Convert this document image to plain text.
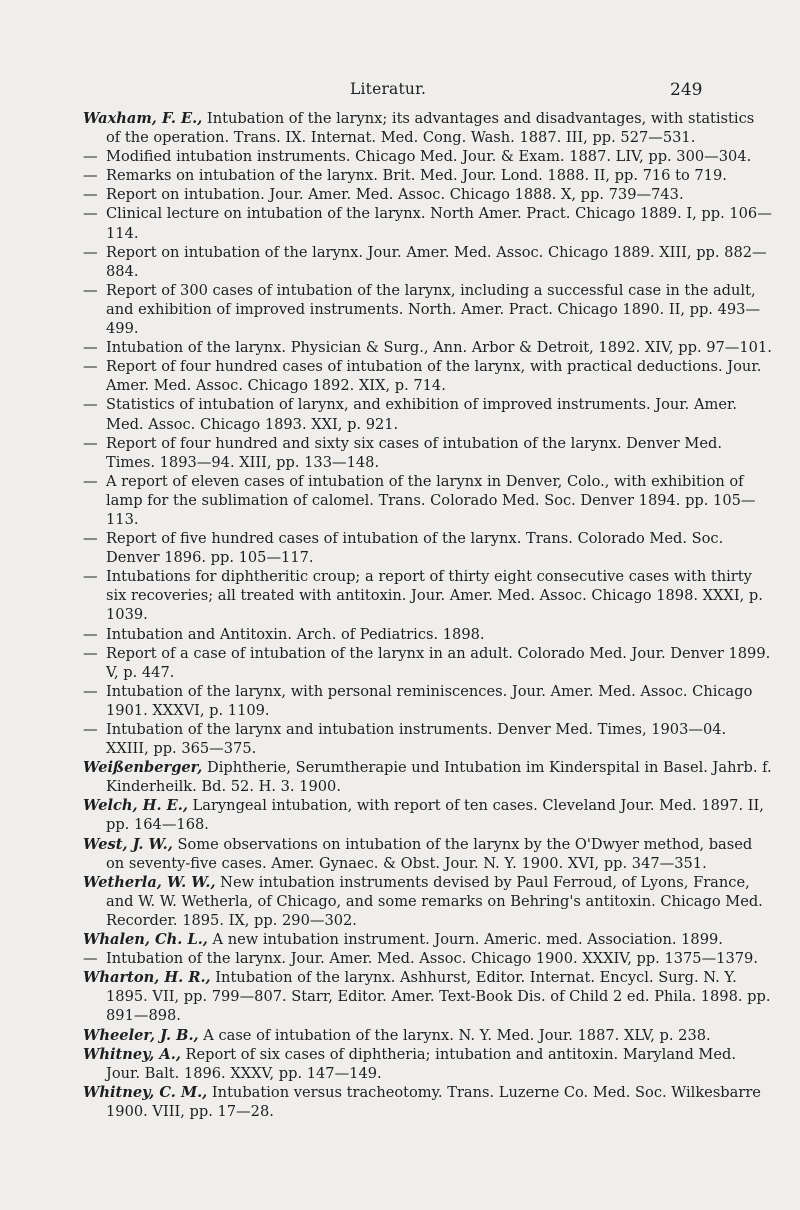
Literatur.	249

Waxham, F. E., Intubation of the larynx; its advantages and disadvantages, with statistics of the operation. Trans. IX. Internat. Med. Cong. Wash. 1887. III, pp. 527—531.

— Modified intubation instruments. Chicago Med. Jour. & Exam. 1887. LIV, pp. 300—304.

— Remarks on intubation of the larynx. Brit. Med. Jour. Lond. 1888. II, pp. 716 to 719.

— Report on intubation. Jour. Amer. Med. Assoc. Chicago 1888. X, pp. 739—743.

— Clinical lecture on intubation of the larynx. North Amer. Pract. Chicago 1889. I, pp. 106—114.

— Report on intubation of the larynx. Jour. Amer. Med. Assoc. Chicago 1889. XIII, pp. 882—884.

— Report of 300 cases of intubation of the larynx, including a successful case in the adult, and exhibition of improved instruments. North. Amer. Pract. Chicago 1890. II, pp. 493—499.

— Intubation of the larynx. Physician & Surg., Ann. Arbor & Detroit, 1892. XIV, pp. 97—101.

— Report of four hundred cases of intubation of the larynx, with practical deductions. Jour. Amer. Med. Assoc. Chicago 1892. XIX, p. 714.

— Statistics of intubation of larynx, and exhibition of improved instruments. Jour. Amer. Med. Assoc. Chicago 1893. XXI, p. 921.

— Report of four hundred and sixty six cases of intubation of the larynx. Denver Med. Times. 1893—94. XIII, pp. 133—148.

— A report of eleven cases of intubation of the larynx in Denver, Colo., with exhibition of lamp for the sublimation of calomel. Trans. Colorado Med. Soc. Denver 1894. pp. 105—113.

— Report of five hundred cases of intubation of the larynx. Trans. Colorado Med. Soc. Denver 1896. pp. 105—117.

— Intubations for diphtheritic croup; a report of thirty eight consecutive cases with thirty six recoveries; all treated with antitoxin. Jour. Amer. Med. Assoc. Chicago 1898. XXXI, p. 1039.

— Intubation and Antitoxin. Arch. of Pediatrics. 1898.

— Report of a case of intubation of the larynx in an adult. Colorado Med. Jour. Denver 1899. V, p. 447.

— Intubation of the larynx, with personal reminiscences. Jour. Amer. Med. Assoc. Chicago 1901. XXXVI, p. 1109.

— Intubation of the larynx and intubation instruments. Denver Med. Times, 1903—04. XXIII, pp. 365—375.

Weißenberger, Diphtherie, Serumtherapie und Intubation im Kinderspital in Basel. Jahrb. f. Kinderheilk. Bd. 52. H. 3. 1900.

Welch, H. E., Laryngeal intubation, with report of ten cases. Cleveland Jour. Med. 1897. II, pp. 164—168.

West, J. W., Some observations on intubation of the larynx by the O'Dwyer method, based on seventy-five cases. Amer. Gynaec. & Obst. Jour. N. Y. 1900. XVI, pp. 347—351.

Wetherla, W. W., New intubation instruments devised by Paul Ferroud, of Lyons, France, and W. W. Wetherla, of Chicago, and some remarks on Behring's antitoxin. Chicago Med. Recorder. 1895. IX, pp. 290—302.

Whalen, Ch. L., A new intubation instrument. Journ. Americ. med. Association. 1899.

— Intubation of the larynx. Jour. Amer. Med. Assoc. Chicago 1900. XXXIV, pp. 1375—1379.

Wharton, H. R., Intubation of the larynx. Ashhurst, Editor. Internat. Encycl. Surg. N. Y. 1895. VII, pp. 799—807. Starr, Editor. Amer. Text-Book Dis. of Child 2 ed. Phila. 1898. pp. 891—898.

Wheeler, J. B., A case of intubation of the larynx. N. Y. Med. Jour. 1887. XLV, p. 238.

Whitney, A., Report of six cases of diphtheria; intubation and antitoxin. Maryland Med. Jour. Balt. 1896. XXXV, pp. 147—149.

Whitney, C. M., Intubation versus tracheotomy. Trans. Luzerne Co. Med. Soc. Wilkesbarre 1900. VIII, pp. 17—28.
